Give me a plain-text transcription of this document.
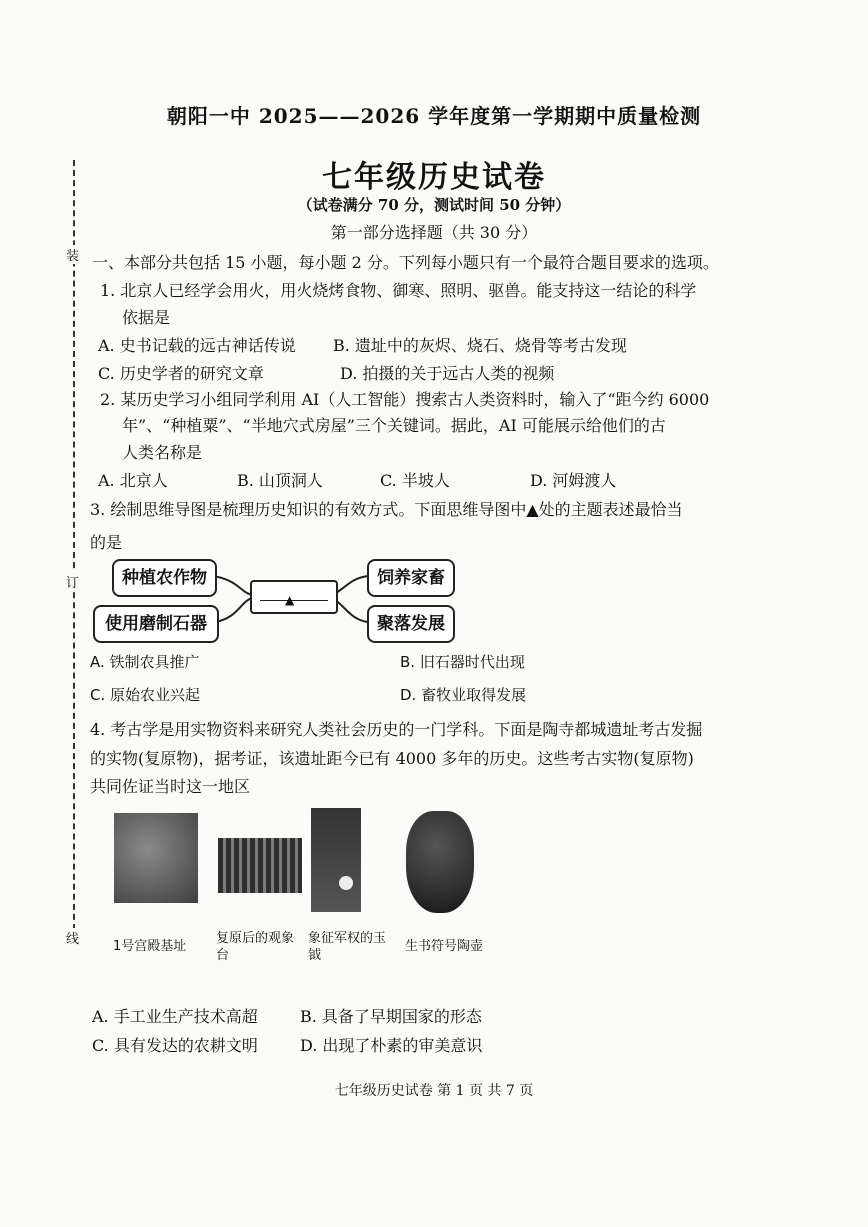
装
订
线
朝阳一中 2025——2026 学年度第一学期期中质量检测
七年级历史试卷
（试卷满分 70 分，测试时间 50 分钟）
第一部分选择题（共 30 分）
一、本部分共包括 15 小题，每小题 2 分。下列每小题只有一个最符合题目要求的选项。
1. 北京人已经学会用火，用火烧烤食物、御寒、照明、驱兽。能支持这一结论的科学
依据是
A. 史书记载的远古神话传说 B. 遗址中的灰烬、烧石、烧骨等考古发现
C. 历史学者的研究文章	D. 拍摄的关于远古人类的视频
2. 某历史学习小组同学利用 AI（人工智能）搜索古人类资料时，输入了“距今约 6000
年”、“种植粟”、“半地穴式房屋”三个关键词。据此，AI 可能展示给他们的古
人类名称是
A. 北京人	B. 山顶洞人	C. 半坡人	D. 河姆渡人
3. 绘制思维导图是梳理历史知识的有效方式。下面思维导图中▲处的主题表述最恰当
的是
种植农作物
使用磨制石器
▲
饲养家畜
聚落发展
A. 铁制农具推广	B. 旧石器时代出现
C. 原始农业兴起	D. 畜牧业取得发展
4. 考古学是用实物资料来研究人类社会历史的一门学科。下面是陶寺都城遗址考古发掘
的实物(复原物)，据考证，该遗址距今已有 4000 多年的历史。这些考古实物(复原物)
共同佐证当时这一地区
1号宫殿基址
复原后的观象台
象征军权的玉钺
生书符号陶壶
A. 手工业生产技术高超	B. 具备了早期国家的形态
C. 具有发达的农耕文明	D. 出现了朴素的审美意识
七年级历史试卷 第 1 页 共 7 页
